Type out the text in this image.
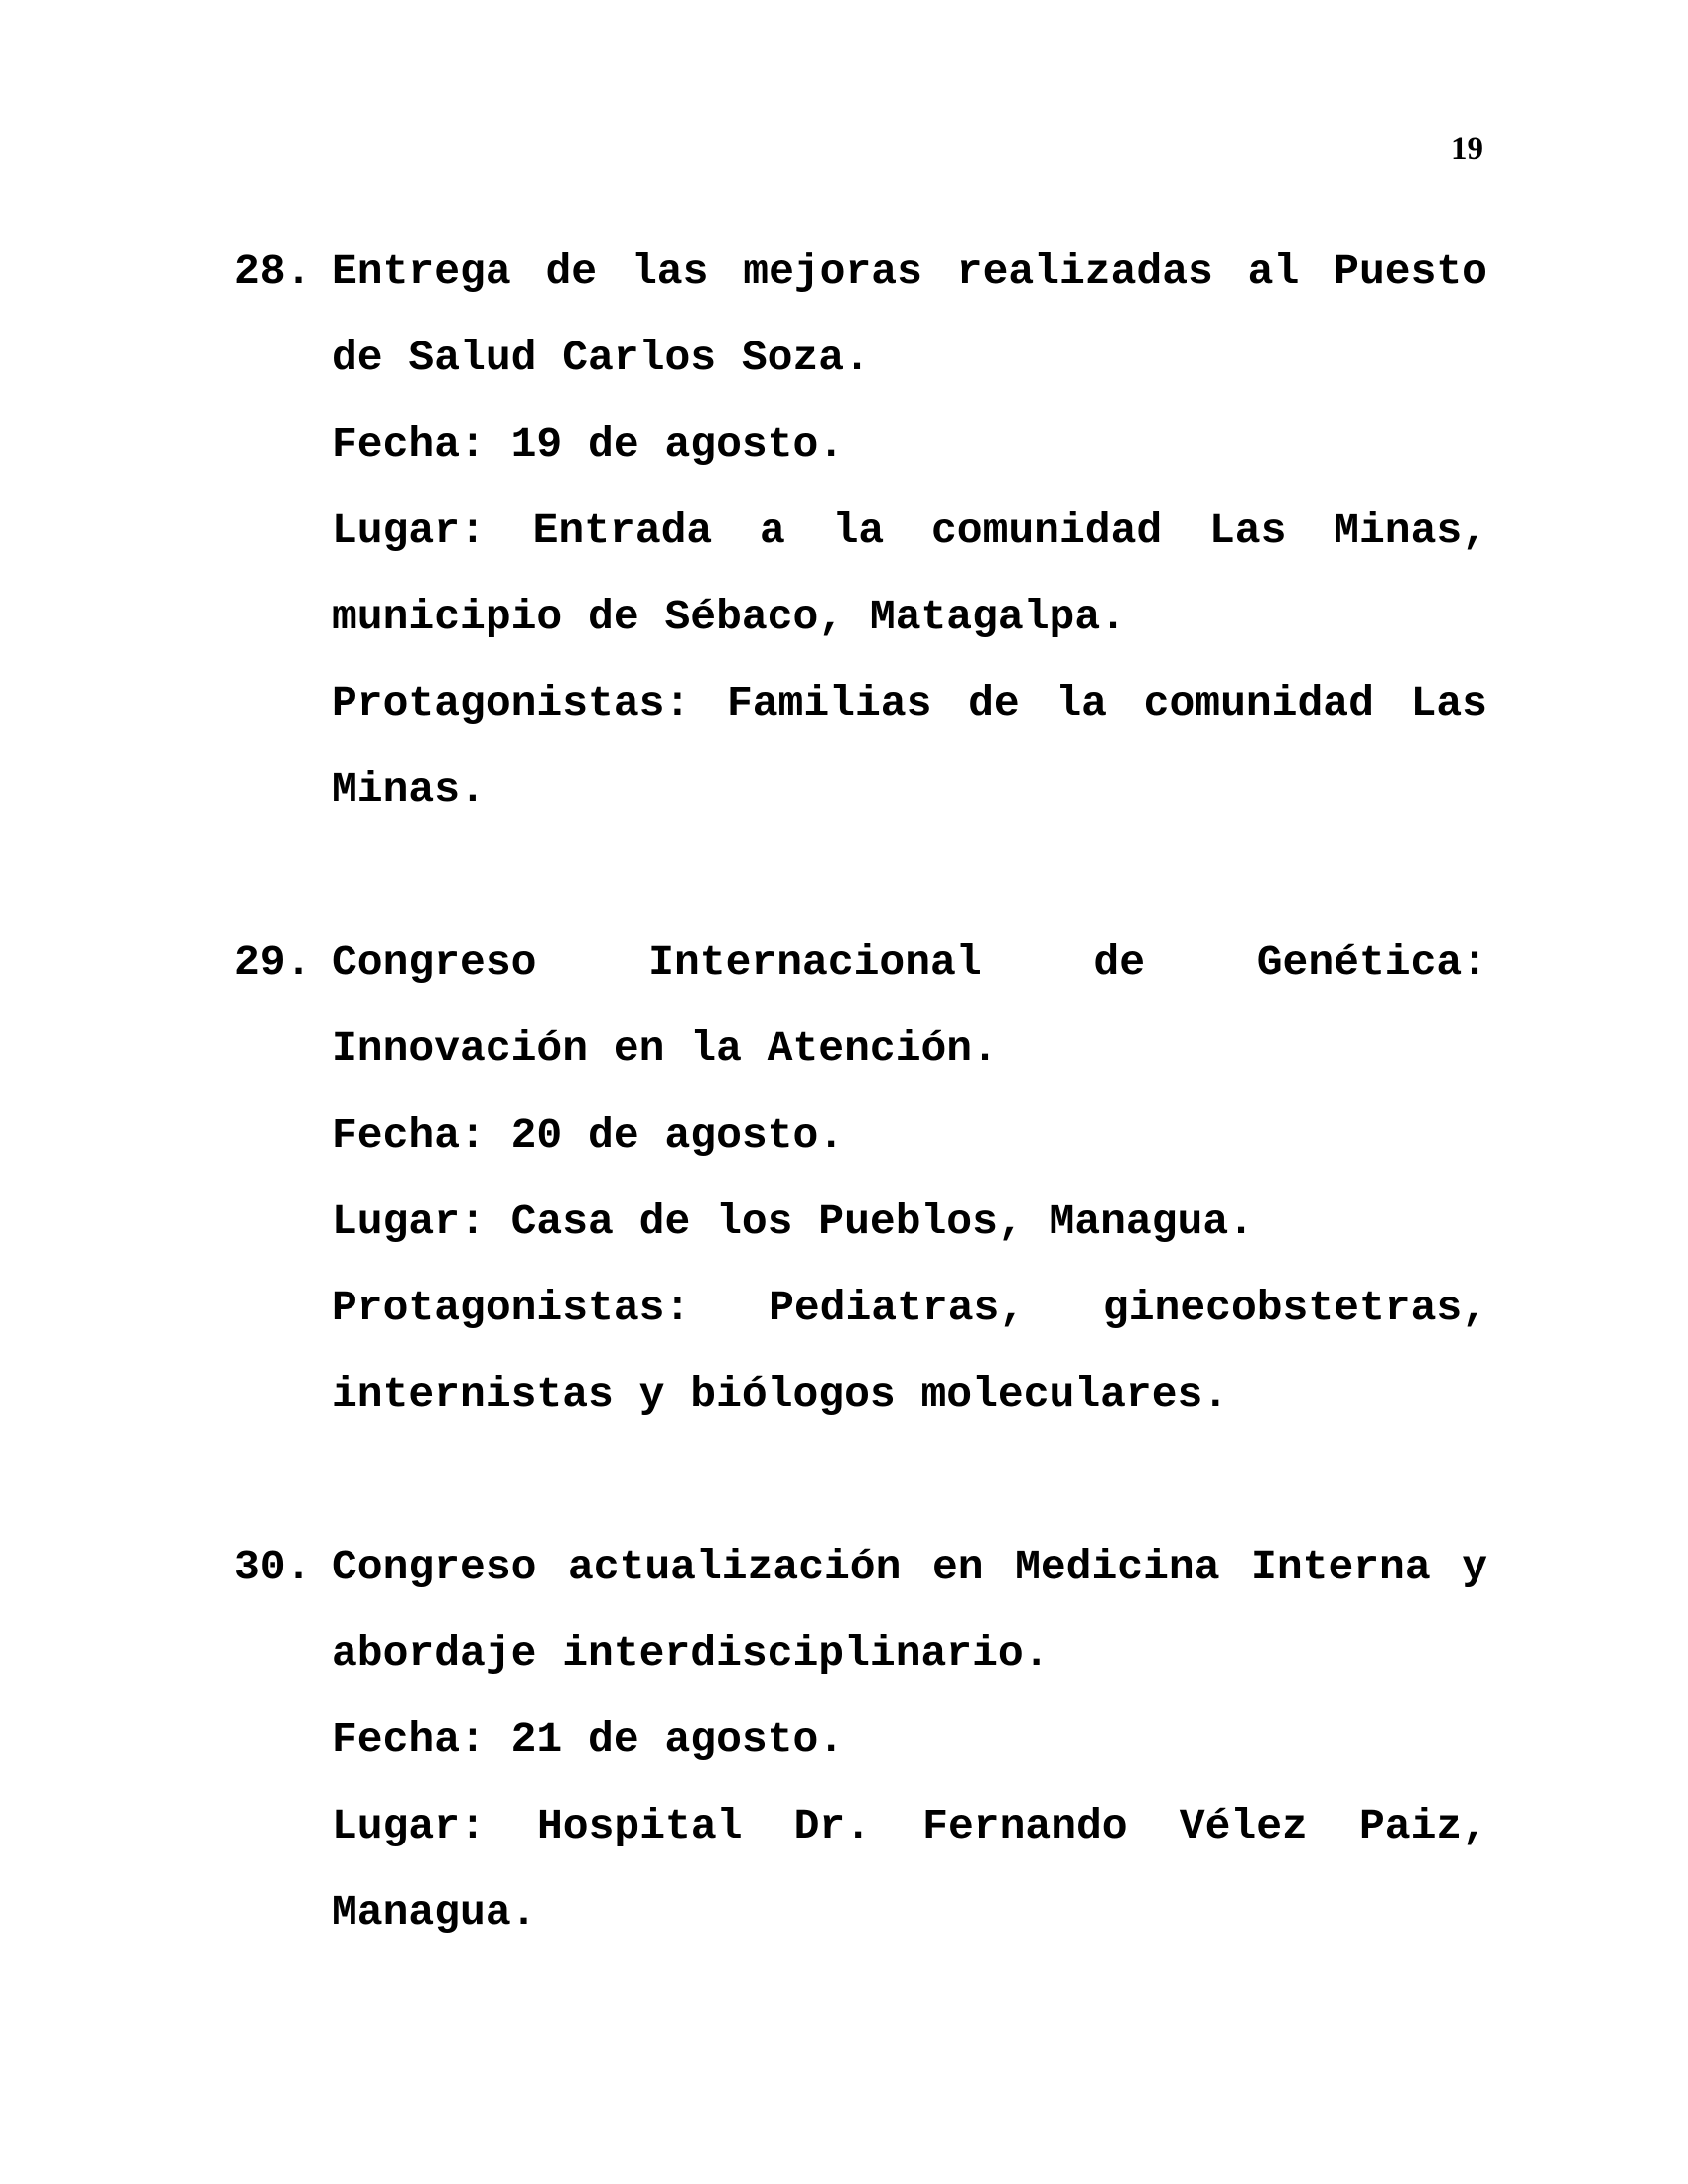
19
28. Entrega de las mejoras realizadas al Puesto de Salud Carlos Soza.
Fecha: 19 de agosto.
Lugar: Entrada a la comunidad Las Minas, municipio de Sébaco, Matagalpa.
Protagonistas: Familias de la comunidad Las Minas.
29. Congreso Internacional de Genética: Innovación en la Atención.
Fecha: 20 de agosto.
Lugar: Casa de los Pueblos, Managua.
Protagonistas: Pediatras, ginecobstetras, internistas y biólogos moleculares.
30. Congreso actualización en Medicina Interna y abordaje interdisciplinario.
Fecha: 21 de agosto.
Lugar: Hospital Dr. Fernando Vélez Paiz, Managua.
